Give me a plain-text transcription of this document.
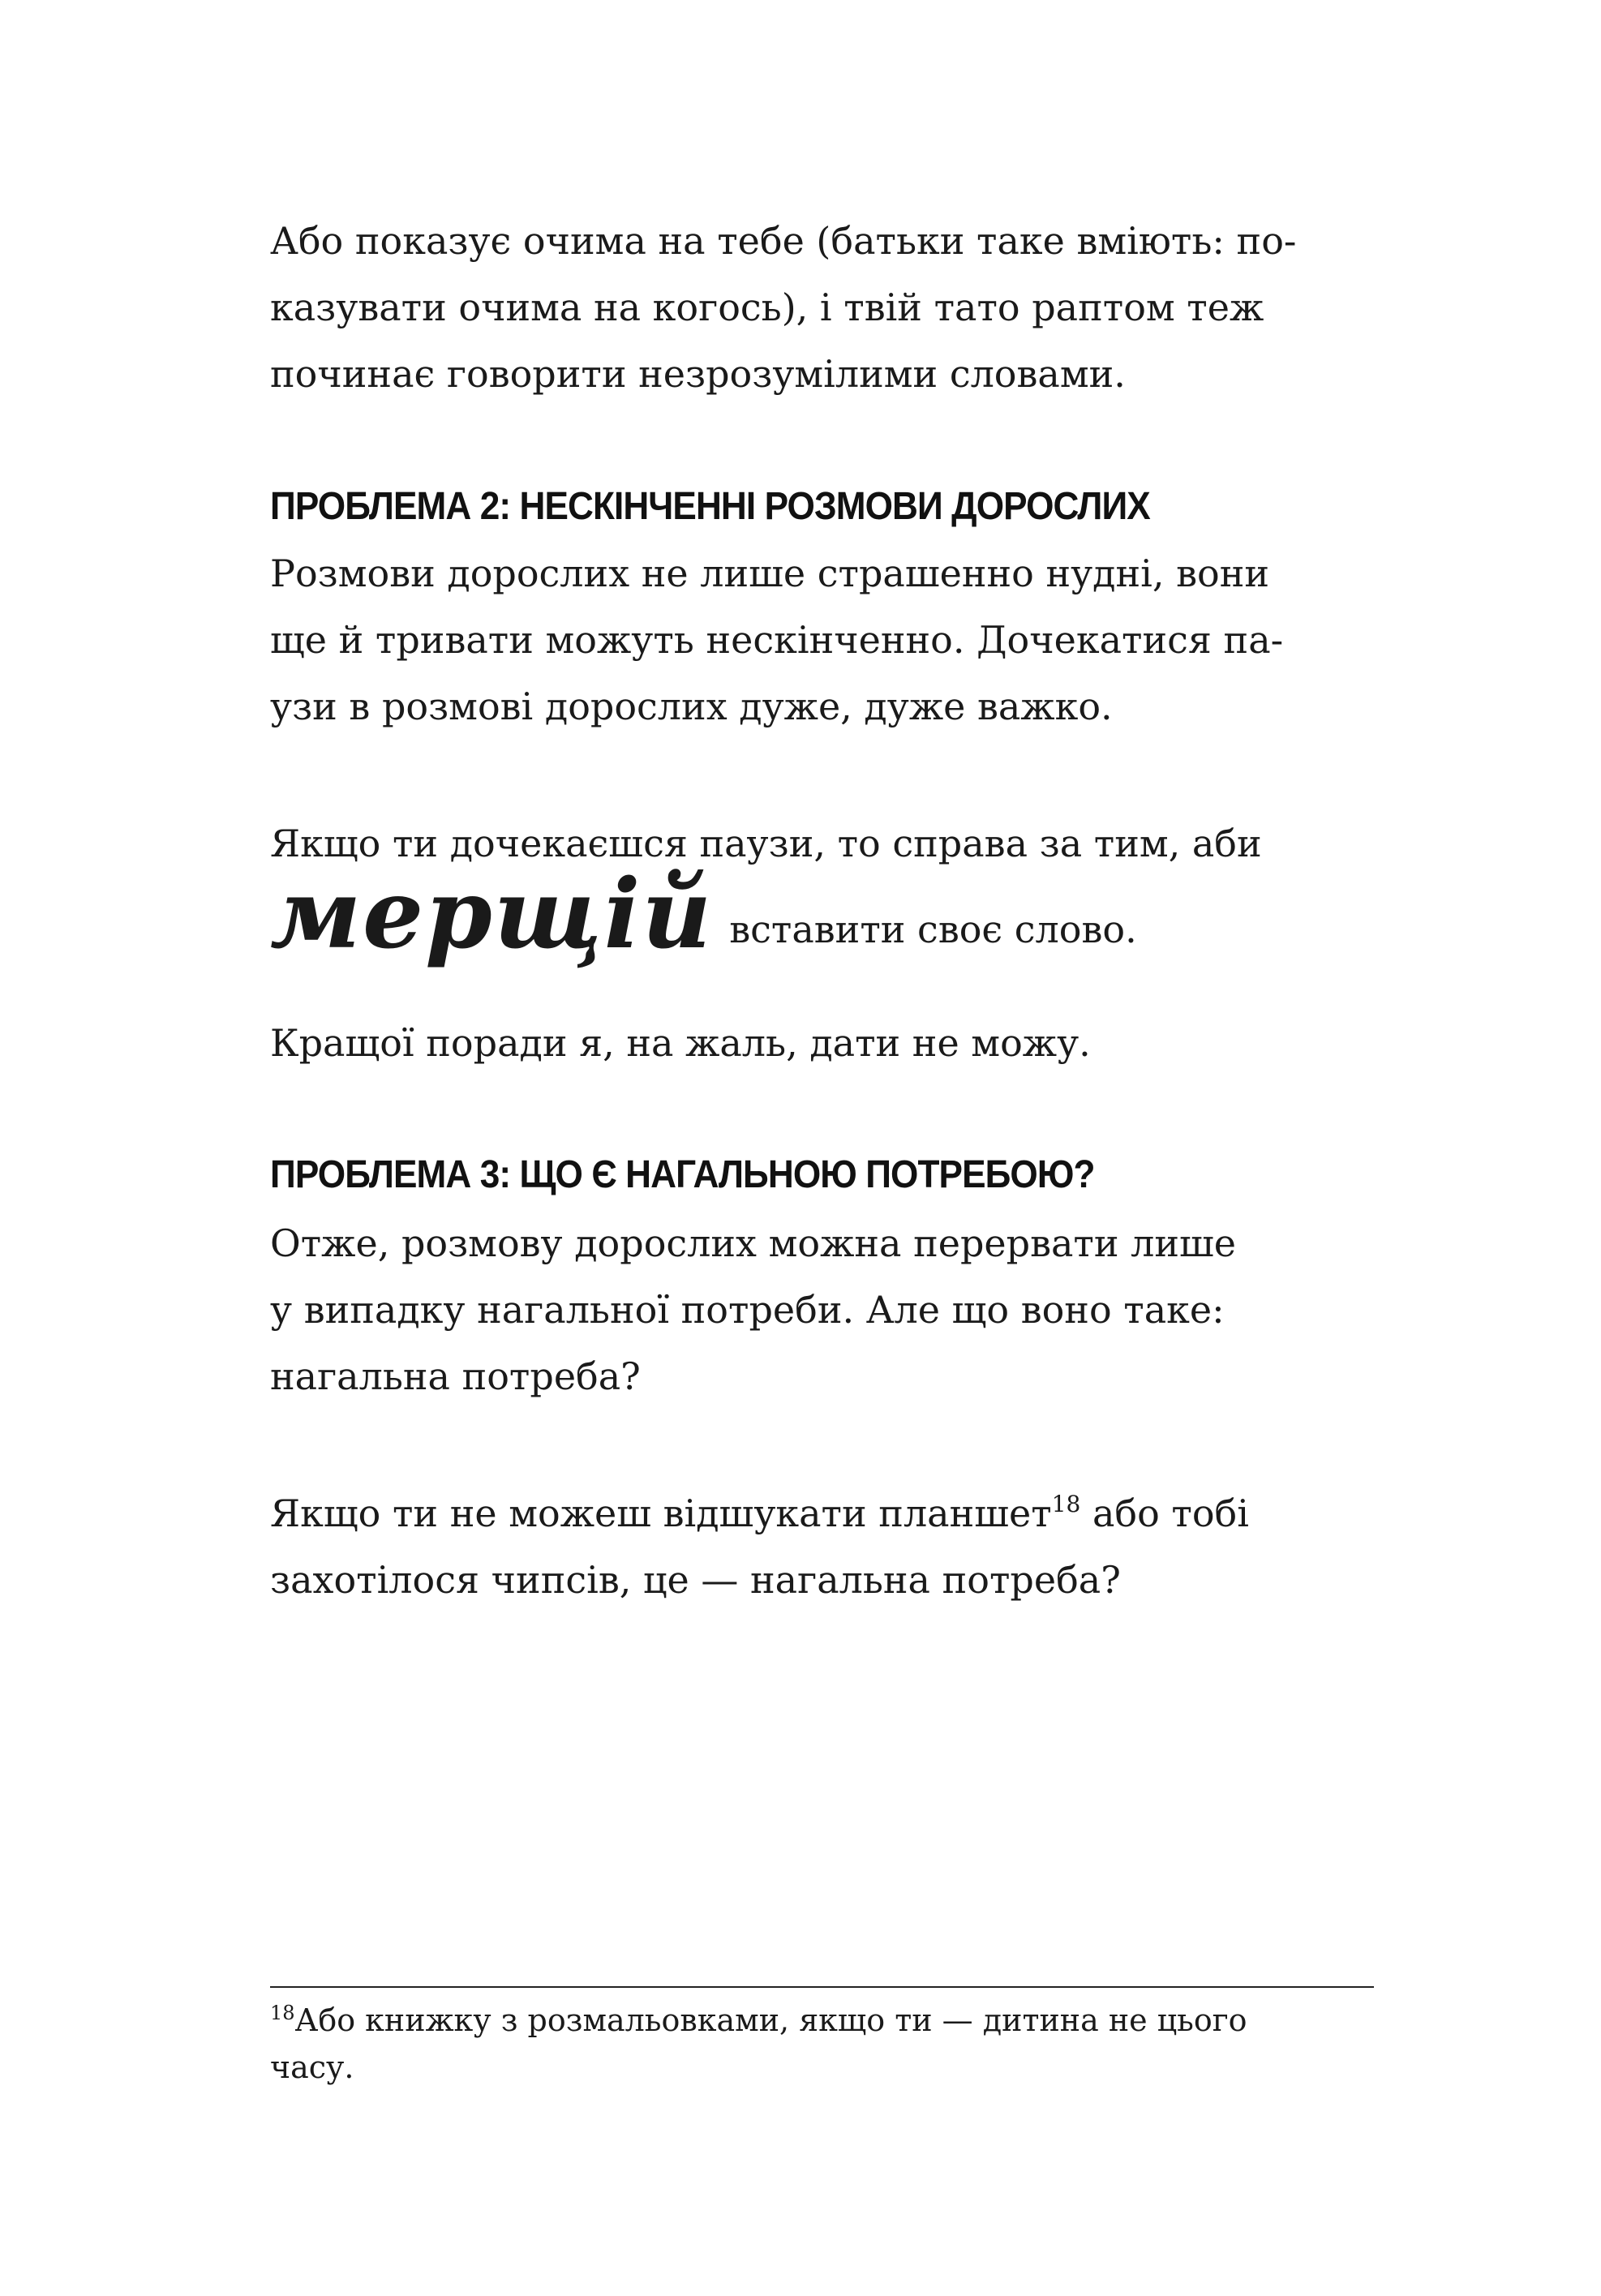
Або показує очима на тебе (батьки таке вміють: по-
казувати очима на когось), і твій тато раптом теж
починає говорити незрозумілими словами.

ПРОБЛЕМА 2: НЕСКІНЧЕННІ РОЗМОВИ ДОРОСЛИХ

Розмови дорослих не лише страшенно нудні, вони
ще й тривати можуть нескінченно. Дочекатися па-
узи в розмові дорослих дуже, дуже важко.

Якщо ти дочекаєшся паузи, то справа за тим, аби
мерщій вставити своє слово.

Кращої поради я, на жаль, дати не можу.

ПРОБЛЕМА 3: ЩО Є НАГАЛЬНОЮ ПОТРЕБОЮ?

Отже, розмову дорослих можна перервати лише
у випадку нагальної потреби. Але що воно таке:
нагальна потреба?

Якщо ти не можеш відшукати планшет$^{18}$ або тобі
захотілося чипсів, це — нагальна потреба?

$^{18}$Або книжку з розмальовками, якщо ти — дитина не цього
часу.
